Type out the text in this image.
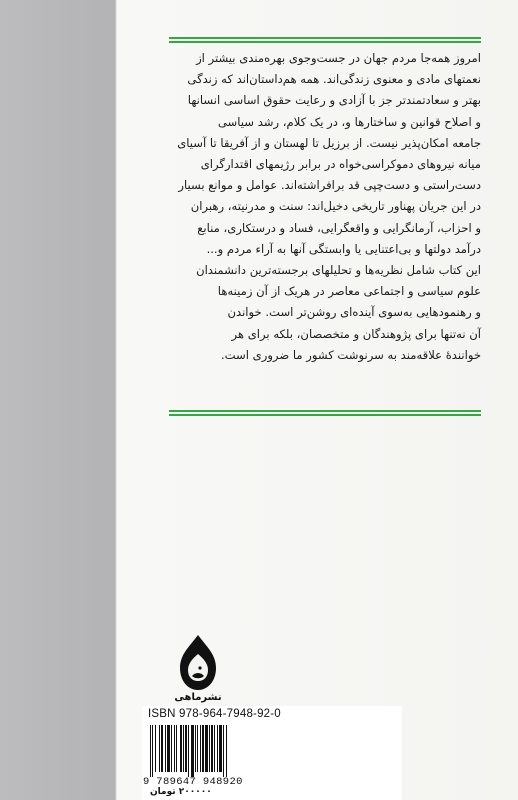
امروز همه‌جا مردم جهان در جست‌وجوی بهره‌مندی بیشتر از

نعمتهای مادی و معنوی زندگی‌اند. همه هم‌داستان‌اند که زندگی

بهتر و سعادتمندتر جز با آزادی و رعایت حقوق اساسی انسانها

و اصلاح قوانین و ساختارها و، در یک کلام، رشد سیاسی

جامعه امکان‌پذیر نیست. از برزیل تا لهستان و از آفریقا تا آسیای

میانه نیروهای دموکراسی‌خواه در برابر رژیمهای اقتدارگرای

دست‌راستی و دست‌چپی قد برافراشته‌اند. عوامل و موانع بسیار

در این جریان پهناور تاریخی دخیل‌اند: سنت و مدرنیته، رهبران

و احزاب، آرمانگرایی و واقعگرایی، فساد و درستکاری، منابع

درآمد دولتها و بی‌اعتنایی یا وابستگی آنها به آراء مردم و...

این کتاب شامل نظریه‌ها و تحلیلهای برجسته‌ترین دانشمندان

علوم سیاسی و اجتماعی معاصر در هریک از آن زمینه‌ها

و رهنمودهایی به‌سوی آینده‌ای روشن‌تر است. خواندن

آن نه‌تنها برای پژوهندگان و متخصصان، بلکه برای هر

خوانندهٔ علاقه‌مند به سرنوشت کشور ما ضروری است.

نشرماهی
ISBN 978-964-7948-92-0
9 789647 948920
۲۰۰۰۰۰ تومان
